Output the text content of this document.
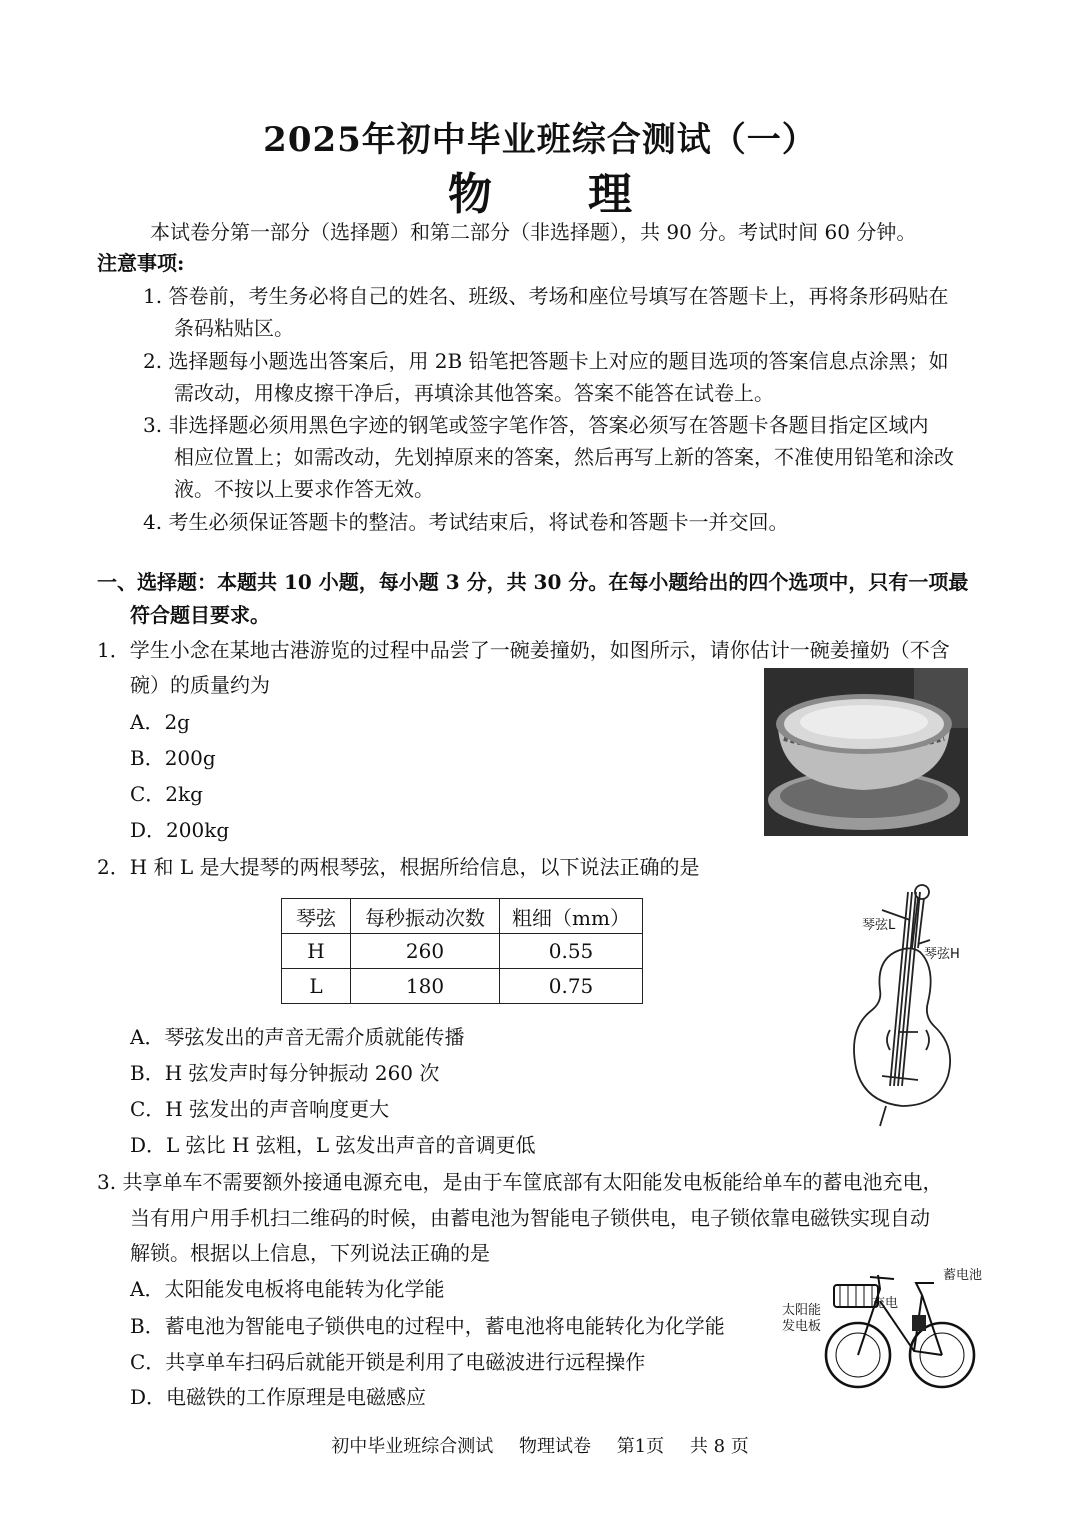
2025年初中毕业班综合测试（一）
物 理
本试卷分第一部分（选择题）和第二部分（非选择题），共 90 分。考试时间 60 分钟。
注意事项:
1. 答卷前，考生务必将自己的姓名、班级、考场和座位号填写在答题卡上，再将条形码贴在
条码粘贴区。
2. 选择题每小题选出答案后，用 2B 铅笔把答题卡上对应的题目选项的答案信息点涂黑；如
需改动，用橡皮擦干净后，再填涂其他答案。答案不能答在试卷上。
3. 非选择题必须用黑色字迹的钢笔或签字笔作答，答案必须写在答题卡各题目指定区域内
相应位置上；如需改动，先划掉原来的答案，然后再写上新的答案，不准使用铅笔和涂改
液。不按以上要求作答无效。
4. 考生必须保证答题卡的整洁。考试结束后，将试卷和答题卡一并交回。
一、选择题：本题共 10 小题，每小题 3 分，共 30 分。在每小题给出的四个选项中，只有一项最
符合题目要求。
1．学生小念在某地古港游览的过程中品尝了一碗姜撞奶，如图所示，请你估计一碗姜撞奶（不含
碗）的质量约为
A．2g
B．200g
C．2kg
D．200kg
2．H 和 L 是大提琴的两根琴弦，根据所给信息，以下说法正确的是
琴弦	每秒振动次数	粗细（mm）
H	260	0.55
L	180	0.75
琴弦L
琴弦H
A．琴弦发出的声音无需介质就能传播
B．H 弦发声时每分钟振动 260 次
C．H 弦发出的声音响度更大
D．L 弦比 H 弦粗，L 弦发出声音的音调更低
3. 共享单车不需要额外接通电源充电，是由于车筐底部有太阳能发电板能给单车的蓄电池充电，
当有用户用手机扫二维码的时候，由蓄电池为智能电子锁供电，电子锁依靠电磁铁实现自动
解锁。根据以上信息，下列说法正确的是
A．太阳能发电板将电能转为化学能
B．蓄电池为智能电子锁供电的过程中，蓄电池将电能转化为化学能
C．共享单车扫码后就能开锁是利用了电磁波进行远程操作
D．电磁铁的工作原理是电磁感应
蓄电池
太阳能
发电板
充电
初中毕业班综合测试 物理试卷 第1页 共 8 页
